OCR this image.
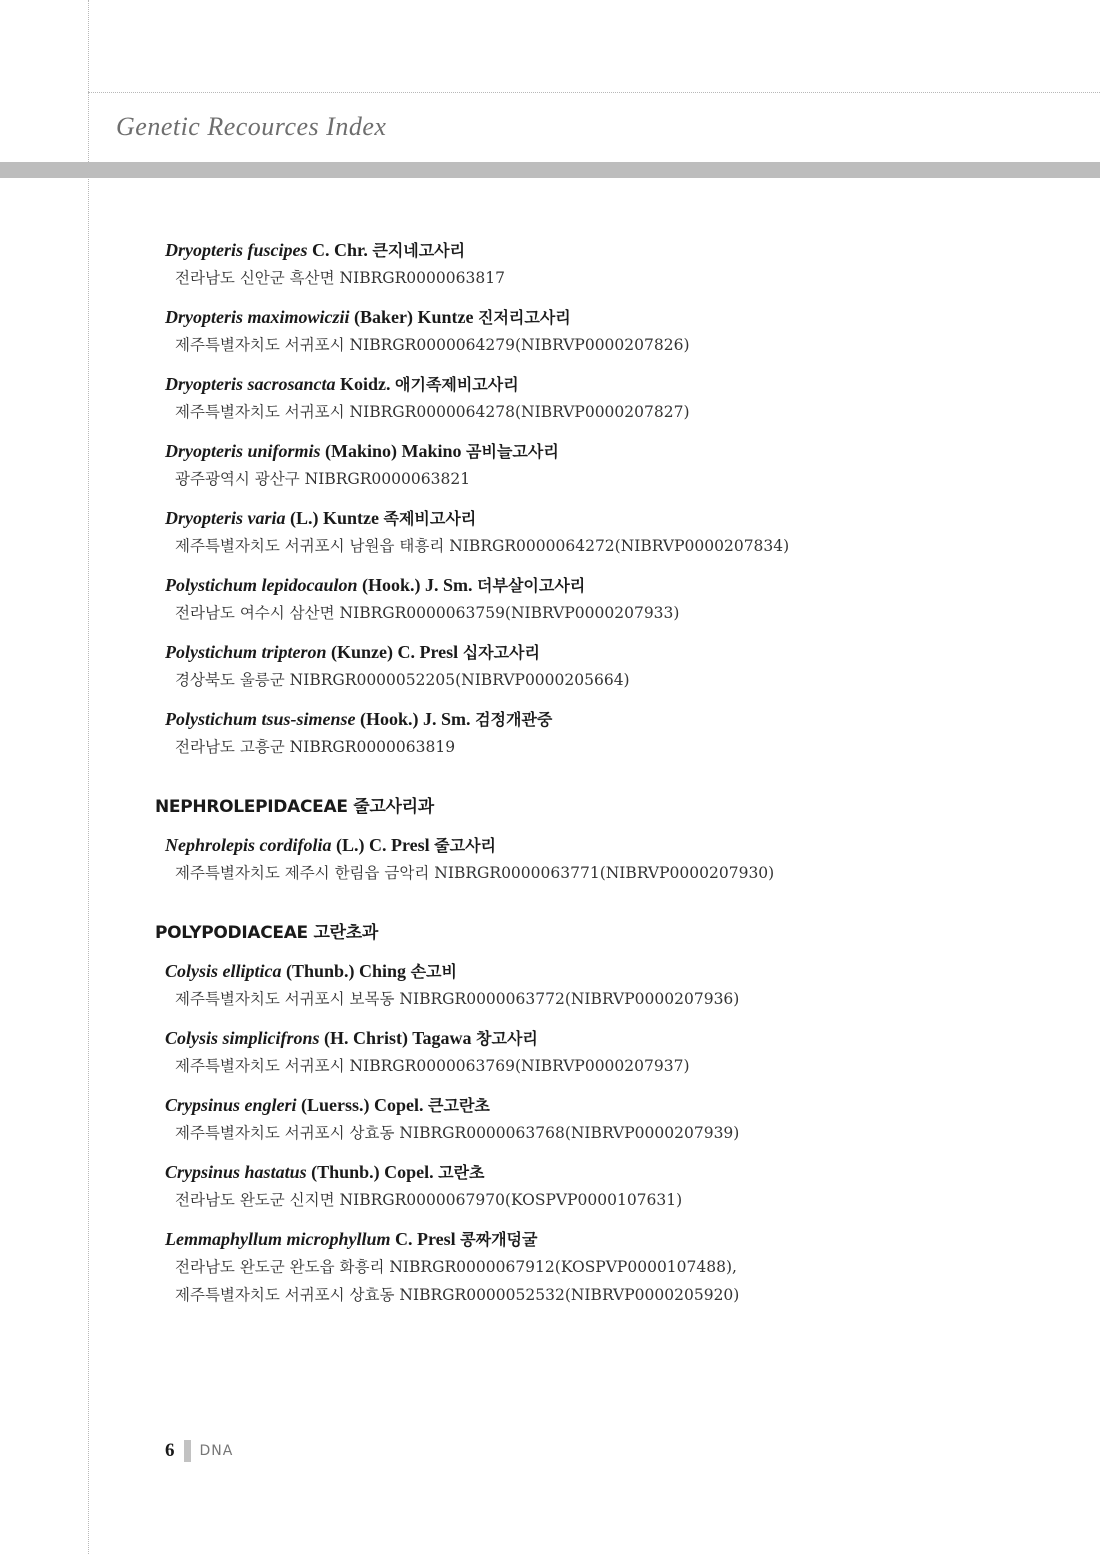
Genetic Recources Index
Dryopteris fuscipes C. Chr. 큰지네고사리
전라남도 신안군 흑산면 NIBRGR0000063817
Dryopteris maximowiczii (Baker) Kuntze 진저리고사리
제주특별자치도 서귀포시 NIBRGR0000064279(NIBRVP0000207826)
Dryopteris sacrosancta Koidz. 애기족제비고사리
제주특별자치도 서귀포시 NIBRGR0000064278(NIBRVP0000207827)
Dryopteris uniformis (Makino) Makino 곰비늘고사리
광주광역시 광산구 NIBRGR0000063821
Dryopteris varia (L.) Kuntze 족제비고사리
제주특별자치도 서귀포시 남원읍 태흥리 NIBRGR0000064272(NIBRVP0000207834)
Polystichum lepidocaulon (Hook.) J. Sm. 더부살이고사리
전라남도 여수시 삼산면 NIBRGR0000063759(NIBRVP0000207933)
Polystichum tripteron (Kunze) C. Presl 십자고사리
경상북도 울릉군 NIBRGR0000052205(NIBRVP0000205664)
Polystichum tsus-simense (Hook.) J. Sm. 검정개관중
전라남도 고흥군 NIBRGR0000063819
NEPHROLEPIDACEAE 줄고사리과
Nephrolepis cordifolia (L.) C. Presl 줄고사리
제주특별자치도 제주시 한림읍 금악리 NIBRGR0000063771(NIBRVP0000207930)
POLYPODIACEAE 고란초과
Colysis elliptica (Thunb.) Ching 손고비
제주특별자치도 서귀포시 보목동 NIBRGR0000063772(NIBRVP0000207936)
Colysis simplicifrons (H. Christ) Tagawa 창고사리
제주특별자치도 서귀포시 NIBRGR0000063769(NIBRVP0000207937)
Crypsinus engleri (Luerss.) Copel. 큰고란초
제주특별자치도 서귀포시 상효동 NIBRGR0000063768(NIBRVP0000207939)
Crypsinus hastatus (Thunb.) Copel. 고란초
전라남도 완도군 신지면 NIBRGR0000067970(KOSPVP0000107631)
Lemmaphyllum microphyllum C. Presl 콩짜개덩굴
전라남도 완도군 완도읍 화흥리 NIBRGR0000067912(KOSPVP0000107488),
제주특별자치도 서귀포시 상효동 NIBRGR0000052532(NIBRVP0000205920)
6 DNA
